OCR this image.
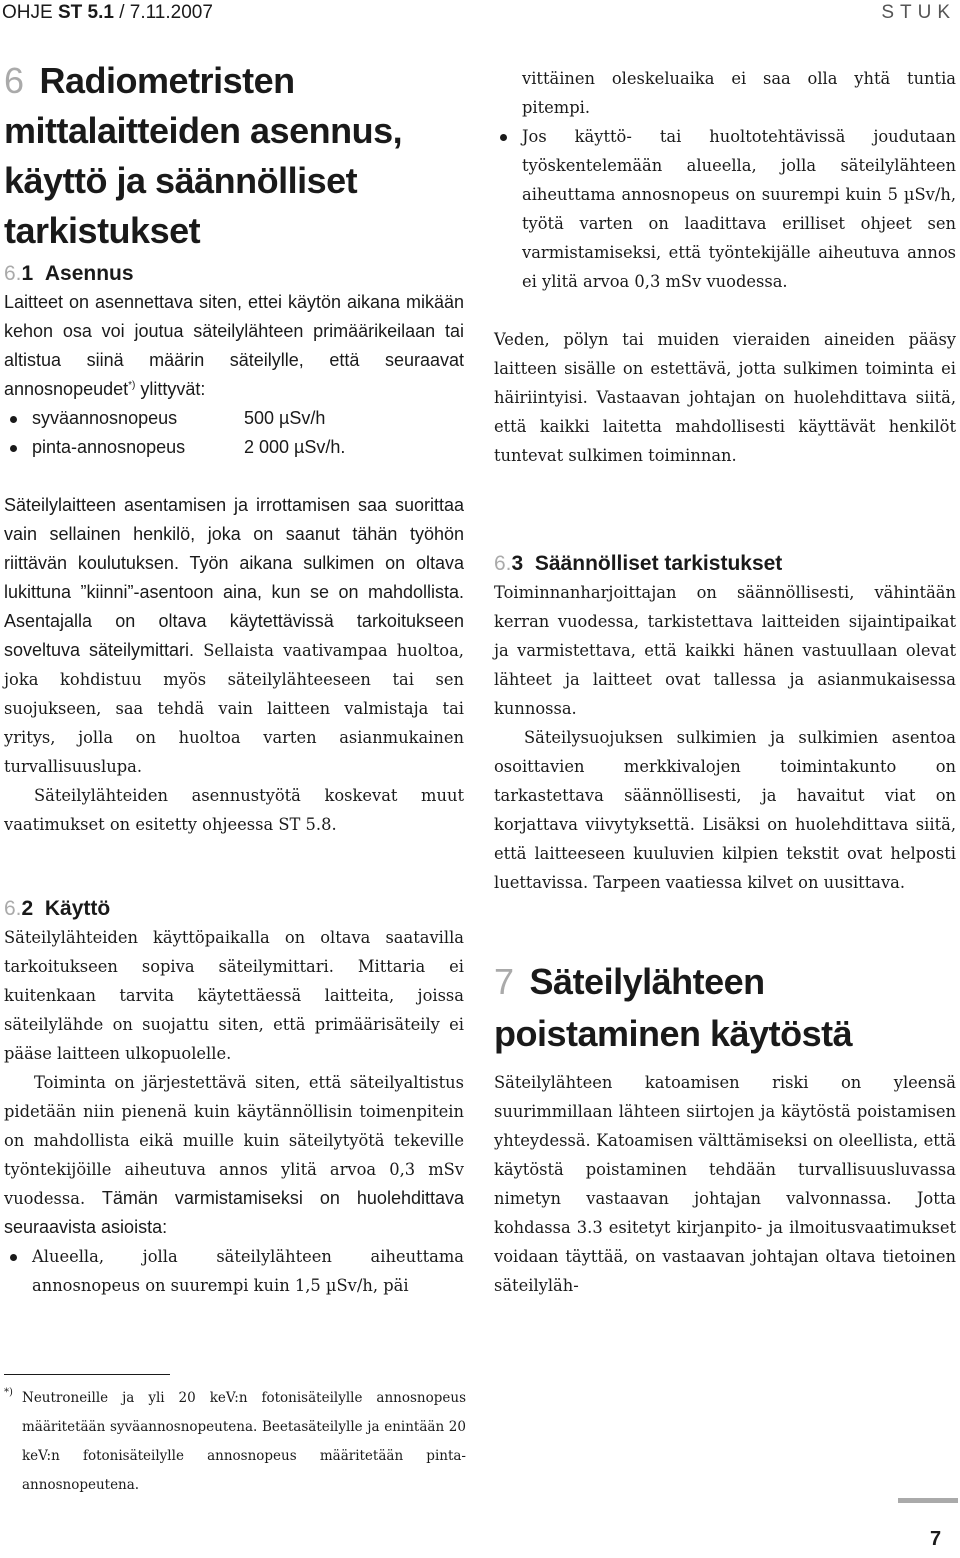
OHJE ST 5.1 / 7.11.2007	STUK
6 Radiometristen mittalaitteiden asennus, käyttö ja säännölliset tarkistukset
6.1 Asennus

Laitteet on asennettava siten, ettei käytön aikana mikään kehon osa voi joutua säteilylähteen primäärikeilaan tai altistua siinä määrin säteilylle, että seuraavat annosnopeudet*) ylittyvät:

syväannosnopeus	500 µSv/h
pinta-annosnopeus	2 000 µSv/h.

Säteilylaitteen asentamisen ja irrottamisen saa suorittaa vain sellainen henkilö, joka on saanut tähän työhön riittävän koulutuksen. Työn aikana sulkimen on oltava lukittuna ”kiinni”-asentoon aina, kun se on mahdollista. Asentajalla on oltava käytettävissä tarkoitukseen soveltuva säteilymittari. Sellaista vaativampaa huoltoa, joka kohdistuu myös säteilylähteeseen tai sen suojukseen, saa tehdä vain laitteen valmistaja tai yritys, jolla on huoltoa varten asianmukainen turvallisuuslupa.

Säteilylähteiden asennustyötä koskevat muut vaatimukset on esitetty ohjeessa ST 5.8.

6.2 Käyttö

Säteilylähteiden käyttöpaikalla on oltava saatavilla tarkoitukseen sopiva säteilymittari. Mittaria ei kuitenkaan tarvita käytettäessä laitteita, joissa säteilylähde on suojattu siten, että primäärisäteily ei pääse laitteen ulkopuolelle.

Toiminta on järjestettävä siten, että säteilyaltistus pidetään niin pienenä kuin käytännöllisin toimenpitein on mahdollista eikä muille kuin säteilytyötä tekeville työntekijöille aiheutuva annos ylitä arvoa 0,3 mSv vuodessa. Tämän varmistamiseksi on huolehdittava seuraavista asioista:

Alueella, jolla säteilylähteen aiheuttama annosnopeus on suurempi kuin 1,5 µSv/h, päi

vittäinen oleskeluaika ei saa olla yhtä tuntia pitempi.

Jos käyttö- tai huoltotehtävissä joudutaan työskentelemään alueella, jolla säteilylähteen aiheuttama annosnopeus on suurempi kuin 5 µSv/h, työtä varten on laadittava erilliset ohjeet sen varmistamiseksi, että työntekijälle aiheutuva annos ei ylitä arvoa 0,3 mSv vuodessa.

Veden, pölyn tai muiden vieraiden aineiden pääsy laitteen sisälle on estettävä, jotta sulkimen toiminta ei häiriintyisi. Vastaavan johtajan on huolehdittava siitä, että kaikki laitetta mahdollisesti käyttävät henkilöt tuntevat sulkimen toiminnan.

6.3 Säännölliset tarkistukset

Toiminnanharjoittajan on säännöllisesti, vähintään kerran vuodessa, tarkistettava laitteiden sijaintipaikat ja varmistettava, että kaikki hänen vastuullaan olevat lähteet ja laitteet ovat tallessa ja asianmukaisessa kunnossa.

Säteilysuojuksen sulkimien ja sulkimien asentoa osoittavien merkkivalojen toimintakunto on tarkastettava säännöllisesti, ja havaitut viat on korjattava viivytyksettä. Lisäksi on huolehdittava siitä, että laitteeseen kuuluvien kilpien tekstit ovat helposti luettavissa. Tarpeen vaatiessa kilvet on uusittava.

7 Säteilylähteen poistaminen käytöstä

Säteilylähteen katoamisen riski on yleensä suurimmillaan lähteen siirtojen ja käytöstä poistamisen yhteydessä. Katoamisen välttämiseksi on oleellista, että käytöstä poistaminen tehdään turvallisuusluvassa nimetyn vastaavan johtajan valvonnassa. Jotta kohdassa 3.3 esitetyt kirjanpito- ja ilmoitusvaatimukset voidaan täyttää, on vastaavan johtajan oltava tietoinen säteilyläh-

*) Neutroneille ja yli 20 keV:n fotonisäteilylle annosnopeus määritetään syväannosnopeutena. Beetasäteilylle ja enintään 20 keV:n fotonisäteilylle annosnopeus määritetään pinta-annosnopeutena.

7
